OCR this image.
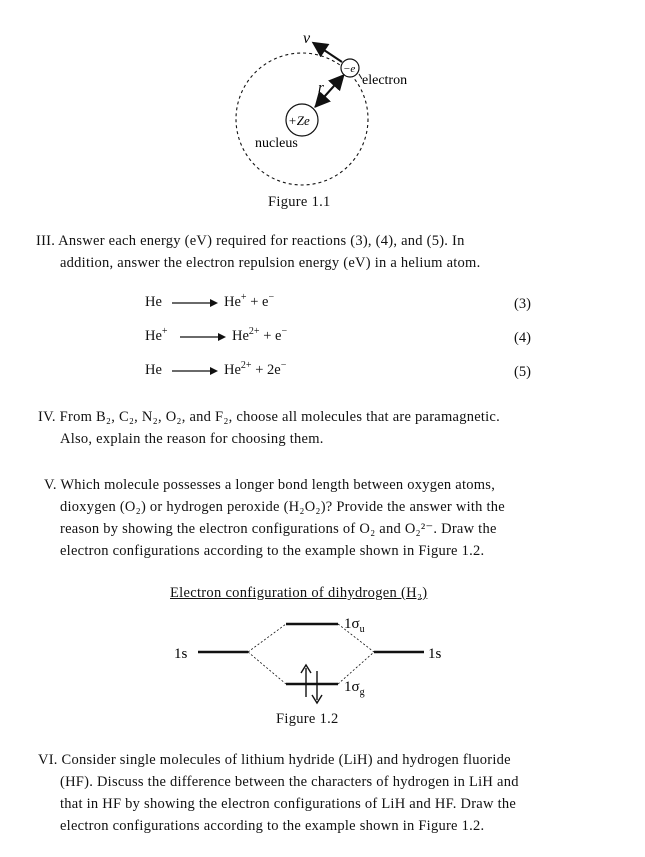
v
r
−e
electron
+Ze
nucleus
Figure 1.1
III. Answer each energy (eV) required for reactions (3), (4), and (5). In
addition, answer the electron repulsion energy (eV) in a helium atom.
He → He+ + e−	(3)
$He^+ \to He^{2+} + e^-$	(4)
$He \to He^{2+} + 2e^-$	(5)
IV. From B₂, C₂, N₂, O₂, and F₂, choose all molecules that are paramagnetic.
Also, explain the reason for choosing them.
V. Which molecule possesses a longer bond length between oxygen atoms,
dioxygen (O₂) or hydrogen peroxide (H₂O₂)? Provide the answer with the
reason by showing the electron configurations of O₂ and O₂²⁻. Draw the
electron configurations according to the example shown in Figure 1.2.
Electron configuration of dihydrogen (H₂)
1s	1s
$1\sigma_u$
$1\sigma_g$
Figure 1.2
VI. Consider single molecules of lithium hydride (LiH) and hydrogen fluoride
(HF). Discuss the difference between the characters of hydrogen in LiH and
that in HF by showing the electron configurations of LiH and HF. Draw the
electron configurations according to the example shown in Figure 1.2.
